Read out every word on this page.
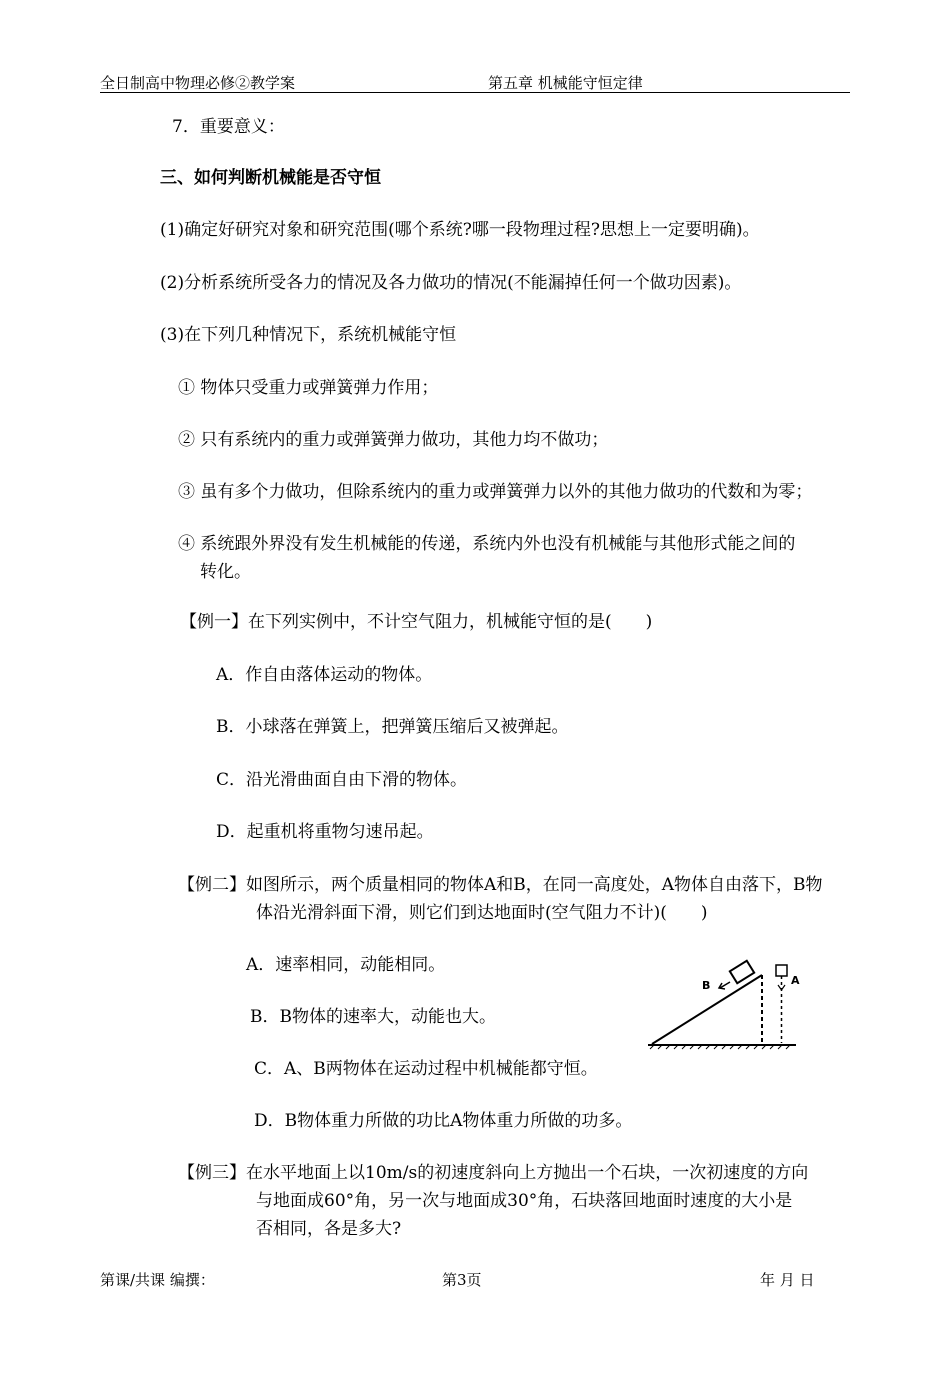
全日制高中物理必修②教学案	第五章 机械能守恒定律
7．重要意义：
三、如何判断机械能是否守恒
(1)确定好研究对象和研究范围(哪个系统?哪一段物理过程?思想上一定要明确)。
(2)分析系统所受各力的情况及各力做功的情况(不能漏掉任何一个做功因素)。
(3)在下列几种情况下，系统机械能守恒
① 物体只受重力或弹簧弹力作用；
② 只有系统内的重力或弹簧弹力做功，其他力均不做功；
③ 虽有多个力做功，但除系统内的重力或弹簧弹力以外的其他力做功的代数和为零；
④ 系统跟外界没有发生机械能的传递，系统内外也没有机械能与其他形式能之间的
转化。
【例一】在下列实例中，不计空气阻力，机械能守恒的是(　　)
A．作自由落体运动的物体。
B．小球落在弹簧上，把弹簧压缩后又被弹起。
C．沿光滑曲面自由下滑的物体。
D．起重机将重物匀速吊起。
【例二】如图所示，两个质量相同的物体A和B，在同一高度处，A物体自由落下，B物
体沿光滑斜面下滑，则它们到达地面时(空气阻力不计)(　　)
A．速率相同，动能相同。
B．B物体的速率大，动能也大。
C．A、B两物体在运动过程中机械能都守恒。
D．B物体重力所做的功比A物体重力所做的功多。
B	A
【例三】在水平地面上以10m/s的初速度斜向上方抛出一个石块，一次初速度的方向
与地面成60°角，另一次与地面成30°角，石块落回地面时速度的大小是
否相同，各是多大?
第课/共课 编撰：	第3页	年 月 日
